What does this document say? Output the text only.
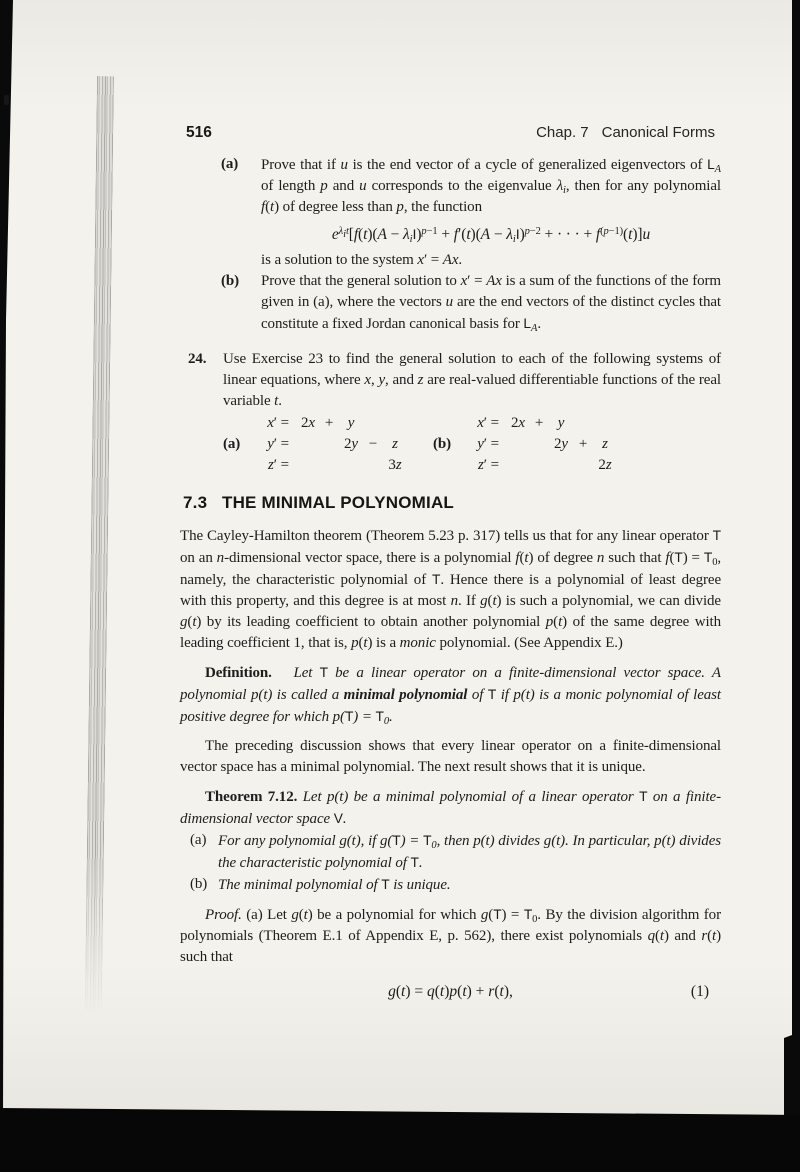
516	Chap. 7 Canonical Forms
(a)	Prove that if u is the end vector of a cycle of generalized eigenvectors of $L_A$ of length p and u corresponds to the eigenvalue $\lambda_i$, then for any polynomial f(t) of degree less than p, the function
$e^{\lambda_it}[f(t)(A - \lambda_iI)^{p-1} + f'(t)(A - \lambda_iI)^{p-2}$ + · · · + $f^{(p-1)}(t)]u$
is a solution to the system x′ = Ax.
(b)	Prove that the general solution to x′ = Ax is a sum of the functions of the form given in (a), where the vectors u are the end vectors of the distinct cycles that constitute a fixed Jordan canonical basis for $L_A$.
24.	Use Exercise 23 to find the general solution to each of the following systems of linear equations, where x, y, and z are real-valued differentiable functions of the real variable t.
(a)
x′ = 2x + y
y′ =	2y − z
z′ =	3z
(b)
x′ = 2x + y
y′ =	2y + z
z′ =	2z
7.3 THE MINIMAL POLYNOMIAL
The Cayley-Hamilton theorem (Theorem 5.23 p. 317) tells us that for any linear operator T on an n-dimensional vector space, there is a polynomial f(t) of degree n such that $f(T) = T_0$, namely, the characteristic polynomial of T. Hence there is a polynomial of least degree with this property, and this degree is at most n. If g(t) is such a polynomial, we can divide g(t) by its leading coefficient to obtain another polynomial p(t) of the same degree with leading coefficient 1, that is, p(t) is a monic polynomial. (See Appendix E.)
Definition. Let T be a linear operator on a finite-dimensional vector space. A polynomial p(t) is called a minimal polynomial of T if p(t) is a monic polynomial of least positive degree for which $p(T) = T_0$.
The preceding discussion shows that every linear operator on a finite-dimensional vector space has a minimal polynomial. The next result shows that it is unique.
Theorem 7.12. Let p(t) be a minimal polynomial of a linear operator T on a finite-dimensional vector space V.
(a) For any polynomial g(t), if $g(T) = T_0$, then p(t) divides g(t). In particular, p(t) divides the characteristic polynomial of T.
(b) The minimal polynomial of T is unique.
Proof. (a) Let g(t) be a polynomial for which $g(T) = T_0$. By the division algorithm for polynomials (Theorem E.1 of Appendix E, p. 562), there exist polynomials q(t) and r(t) such that
g(t) = q(t)p(t) + r(t),	(1)
